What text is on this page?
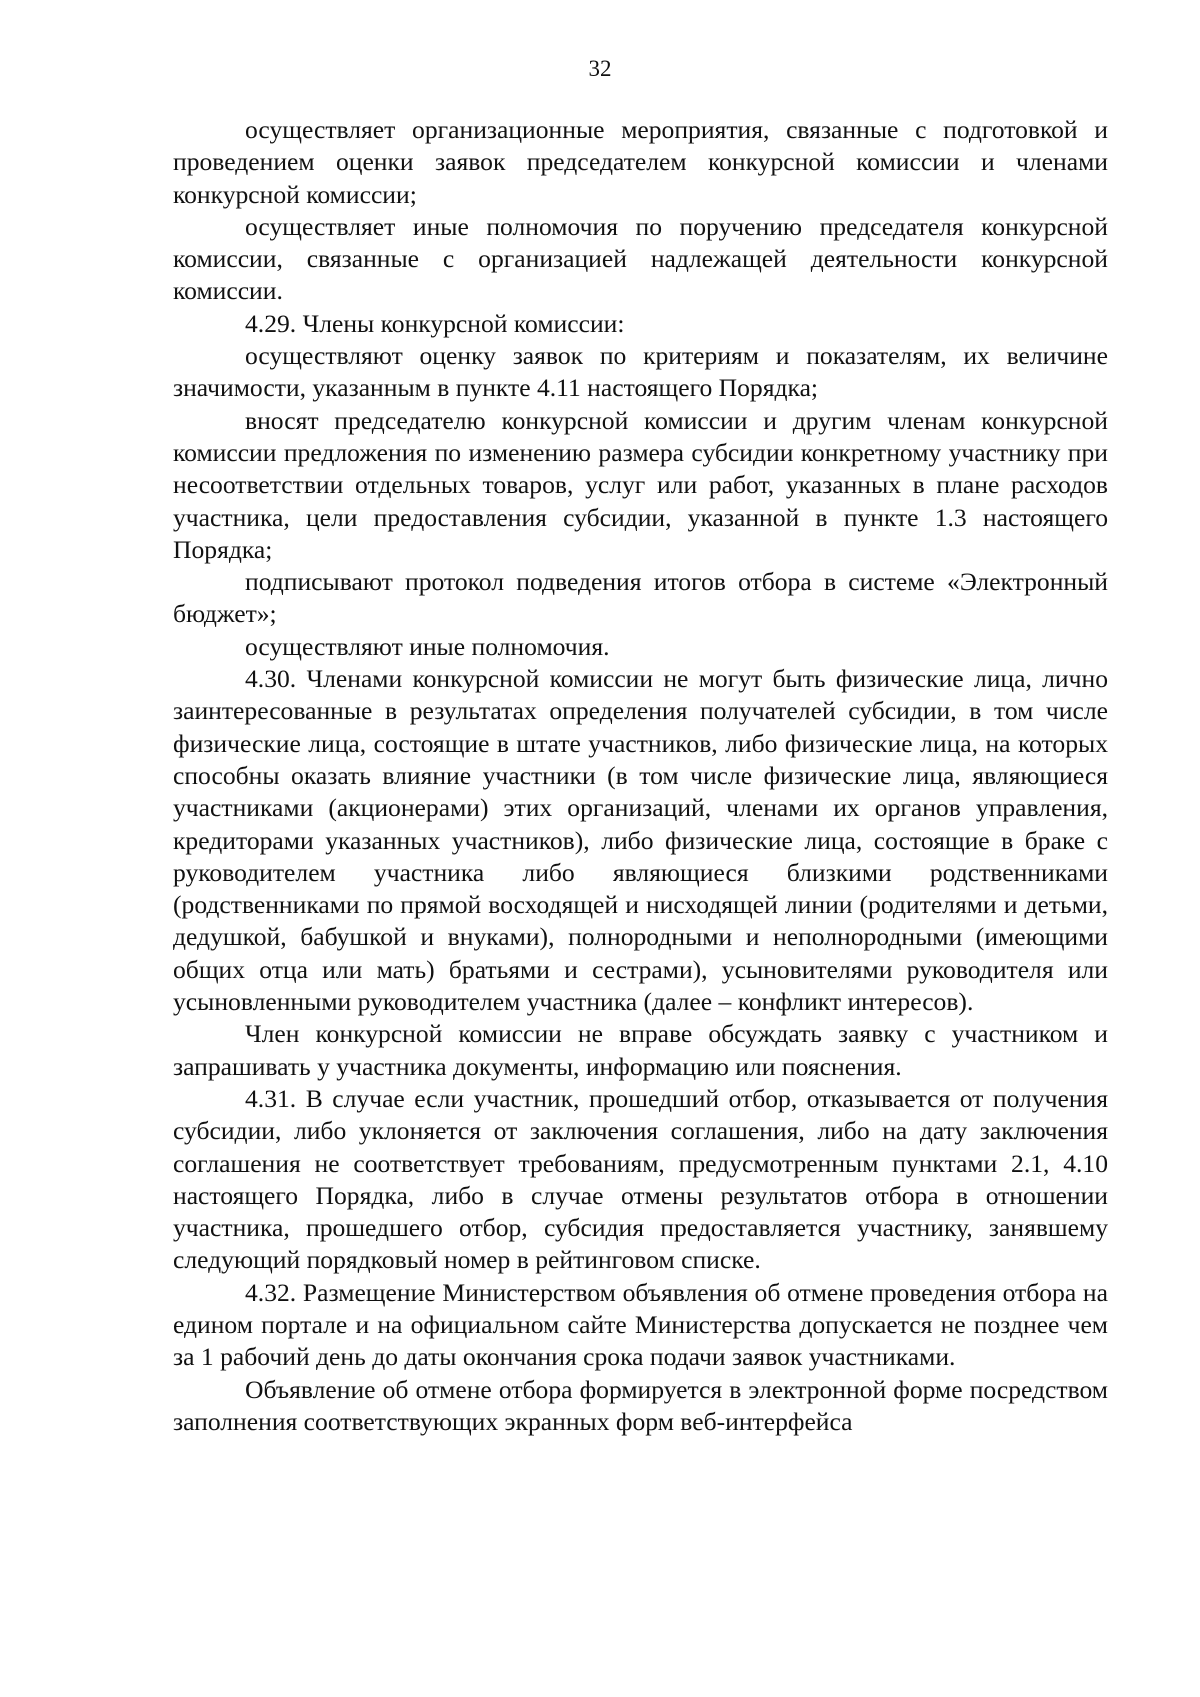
32

осуществляет организационные мероприятия, связанные с подготовкой и проведением оценки заявок председателем конкурсной комиссии и членами конкурсной комиссии;

осуществляет иные полномочия по поручению председателя конкурсной комиссии, связанные с организацией надлежащей деятельности конкурсной комиссии.

4.29. Члены конкурсной комиссии:

осуществляют оценку заявок по критериям и показателям, их величине значимости, указанным в пункте 4.11 настоящего Порядка;

вносят председателю конкурсной комиссии и другим членам конкурсной комиссии предложения по изменению размера субсидии конкретному участнику при несоответствии отдельных товаров, услуг или работ, указанных в плане расходов участника, цели предоставления субсидии, указанной в пункте 1.3 настоящего Порядка;

подписывают протокол подведения итогов отбора в системе «Электронный бюджет»;

осуществляют иные полномочия.

4.30. Членами конкурсной комиссии не могут быть физические лица, лично заинтересованные в результатах определения получателей субсидии, в том числе физические лица, состоящие в штате участников, либо физические лица, на которых способны оказать влияние участники (в том числе физические лица, являющиеся участниками (акционерами) этих организаций, членами их органов управления, кредиторами указанных участников), либо физические лица, состоящие в браке с руководителем участника либо являющиеся близкими родственниками (родственниками по прямой восходящей и нисходящей линии (родителями и детьми, дедушкой, бабушкой и внуками), полнородными и неполнородными (имеющими общих отца или мать) братьями и сестрами), усыновителями руководителя или усыновленными руководителем участника (далее – конфликт интересов).

Член конкурсной комиссии не вправе обсуждать заявку с участником и запрашивать у участника документы, информацию или пояснения.

4.31. В случае если участник, прошедший отбор, отказывается от получения субсидии, либо уклоняется от заключения соглашения, либо на дату заключения соглашения не соответствует требованиям, предусмотренным пунктами 2.1, 4.10 настоящего Порядка, либо в случае отмены результатов отбора в отношении участника, прошедшего отбор, субсидия предоставляется участнику, занявшему следующий порядковый номер в рейтинговом списке.

4.32. Размещение Министерством объявления об отмене проведения отбора на едином портале и на официальном сайте Министерства допускается не позднее чем за 1 рабочий день до даты окончания срока подачи заявок участниками.

Объявление об отмене отбора формируется в электронной форме посредством заполнения соответствующих экранных форм веб-интерфейса
